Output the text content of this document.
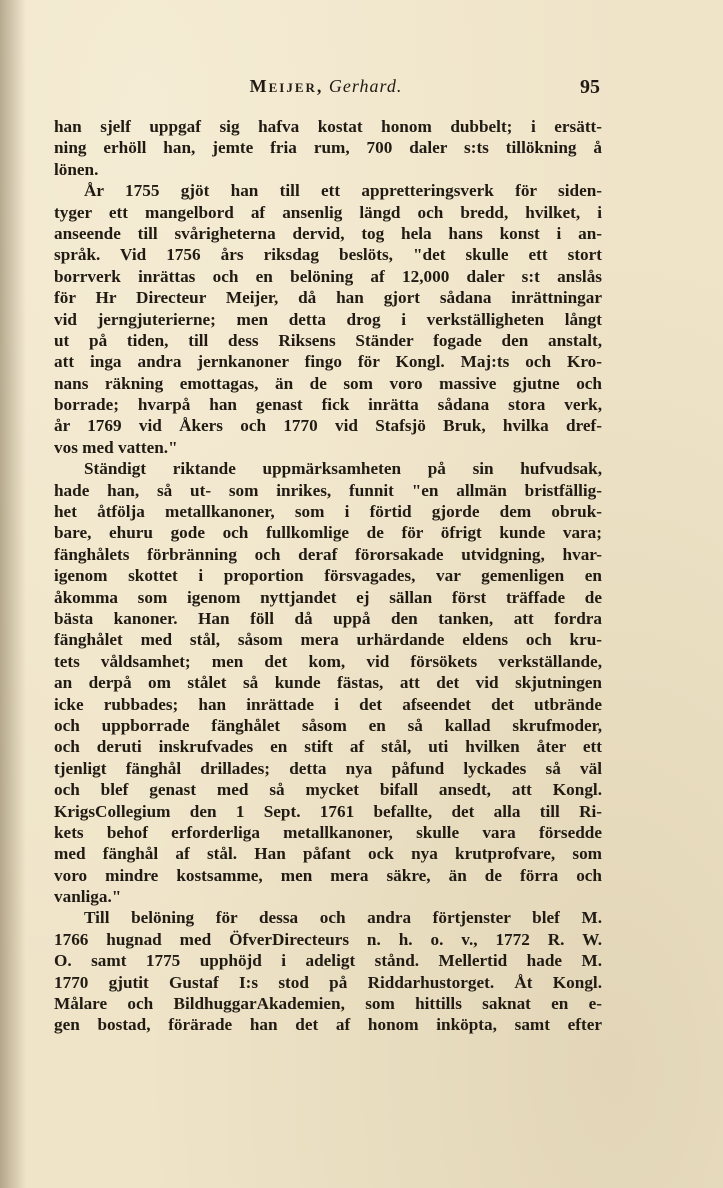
Meijer, Gerhard.	95
han sjelf uppgaf sig hafva kostat honom dubbelt; i ersätt-
ning erhöll han, jemte fria rum, 700 daler s:ts tillökning å
lönen.
År 1755 gjöt han till ett appretteringsverk för siden-
tyger ett mangelbord af ansenlig längd och bredd, hvilket, i
anseende till svårigheterna dervid, tog hela hans konst i an-
språk. Vid 1756 års riksdag beslöts, "det skulle ett stort
borrverk inrättas och en belöning af 12,000 daler s:t anslås
för Hr Directeur Meijer, då han gjort sådana inrättningar
vid jerngjuterierne; men detta drog i verkställigheten långt
ut på tiden, till dess Riksens Ständer fogade den anstalt,
att inga andra jernkanoner fingo för Kongl. Maj:ts och Kro-
nans räkning emottagas, än de som voro massive gjutne och
borrade; hvarpå han genast fick inrätta sådana stora verk,
år 1769 vid Åkers och 1770 vid Stafsjö Bruk, hvilka dref-
vos med vatten."
Ständigt riktande uppmärksamheten på sin hufvudsak,
hade han, så ut- som inrikes, funnit "en allmän bristfällig-
het åtfölja metallkanoner, som i förtid gjorde dem obruk-
bare, ehuru gode och fullkomlige de för öfrigt kunde vara;
fänghålets förbränning och deraf förorsakade utvidgning, hvar-
igenom skottet i proportion försvagades, var gemenligen en
åkomma som igenom nyttjandet ej sällan först träffade de
bästa kanoner. Han föll då uppå den tanken, att fordra
fänghålet med stål, såsom mera urhärdande eldens och kru-
tets våldsamhet; men det kom, vid försökets verkställande,
an derpå om stålet så kunde fästas, att det vid skjutningen
icke rubbades; han inrättade i det afseendet det utbrände
och uppborrade fänghålet såsom en så kallad skrufmoder,
och deruti inskrufvades en stift af stål, uti hvilken åter ett
tjenligt fänghål drillades; detta nya påfund lyckades så väl
och blef genast med så mycket bifall ansedt, att Kongl.
KrigsCollegium den 1 Sept. 1761 befallte, det alla till Ri-
kets behof erforderliga metallkanoner, skulle vara försedde
med fänghål af stål. Han påfant ock nya krutprofvare, som
voro mindre kostsamme, men mera säkre, än de förra och
vanliga."
Till belöning för dessa och andra förtjenster blef M.
1766 hugnad med ÖfverDirecteurs n. h. o. v., 1772 R. W.
O. samt 1775 upphöjd i adeligt stånd. Mellertid hade M.
1770 gjutit Gustaf I:s stod på Riddarhustorget. Åt Kongl.
Målare och BildhuggarAkademien, som hittills saknat en e-
gen bostad, förärade han det af honom inköpta, samt efter
